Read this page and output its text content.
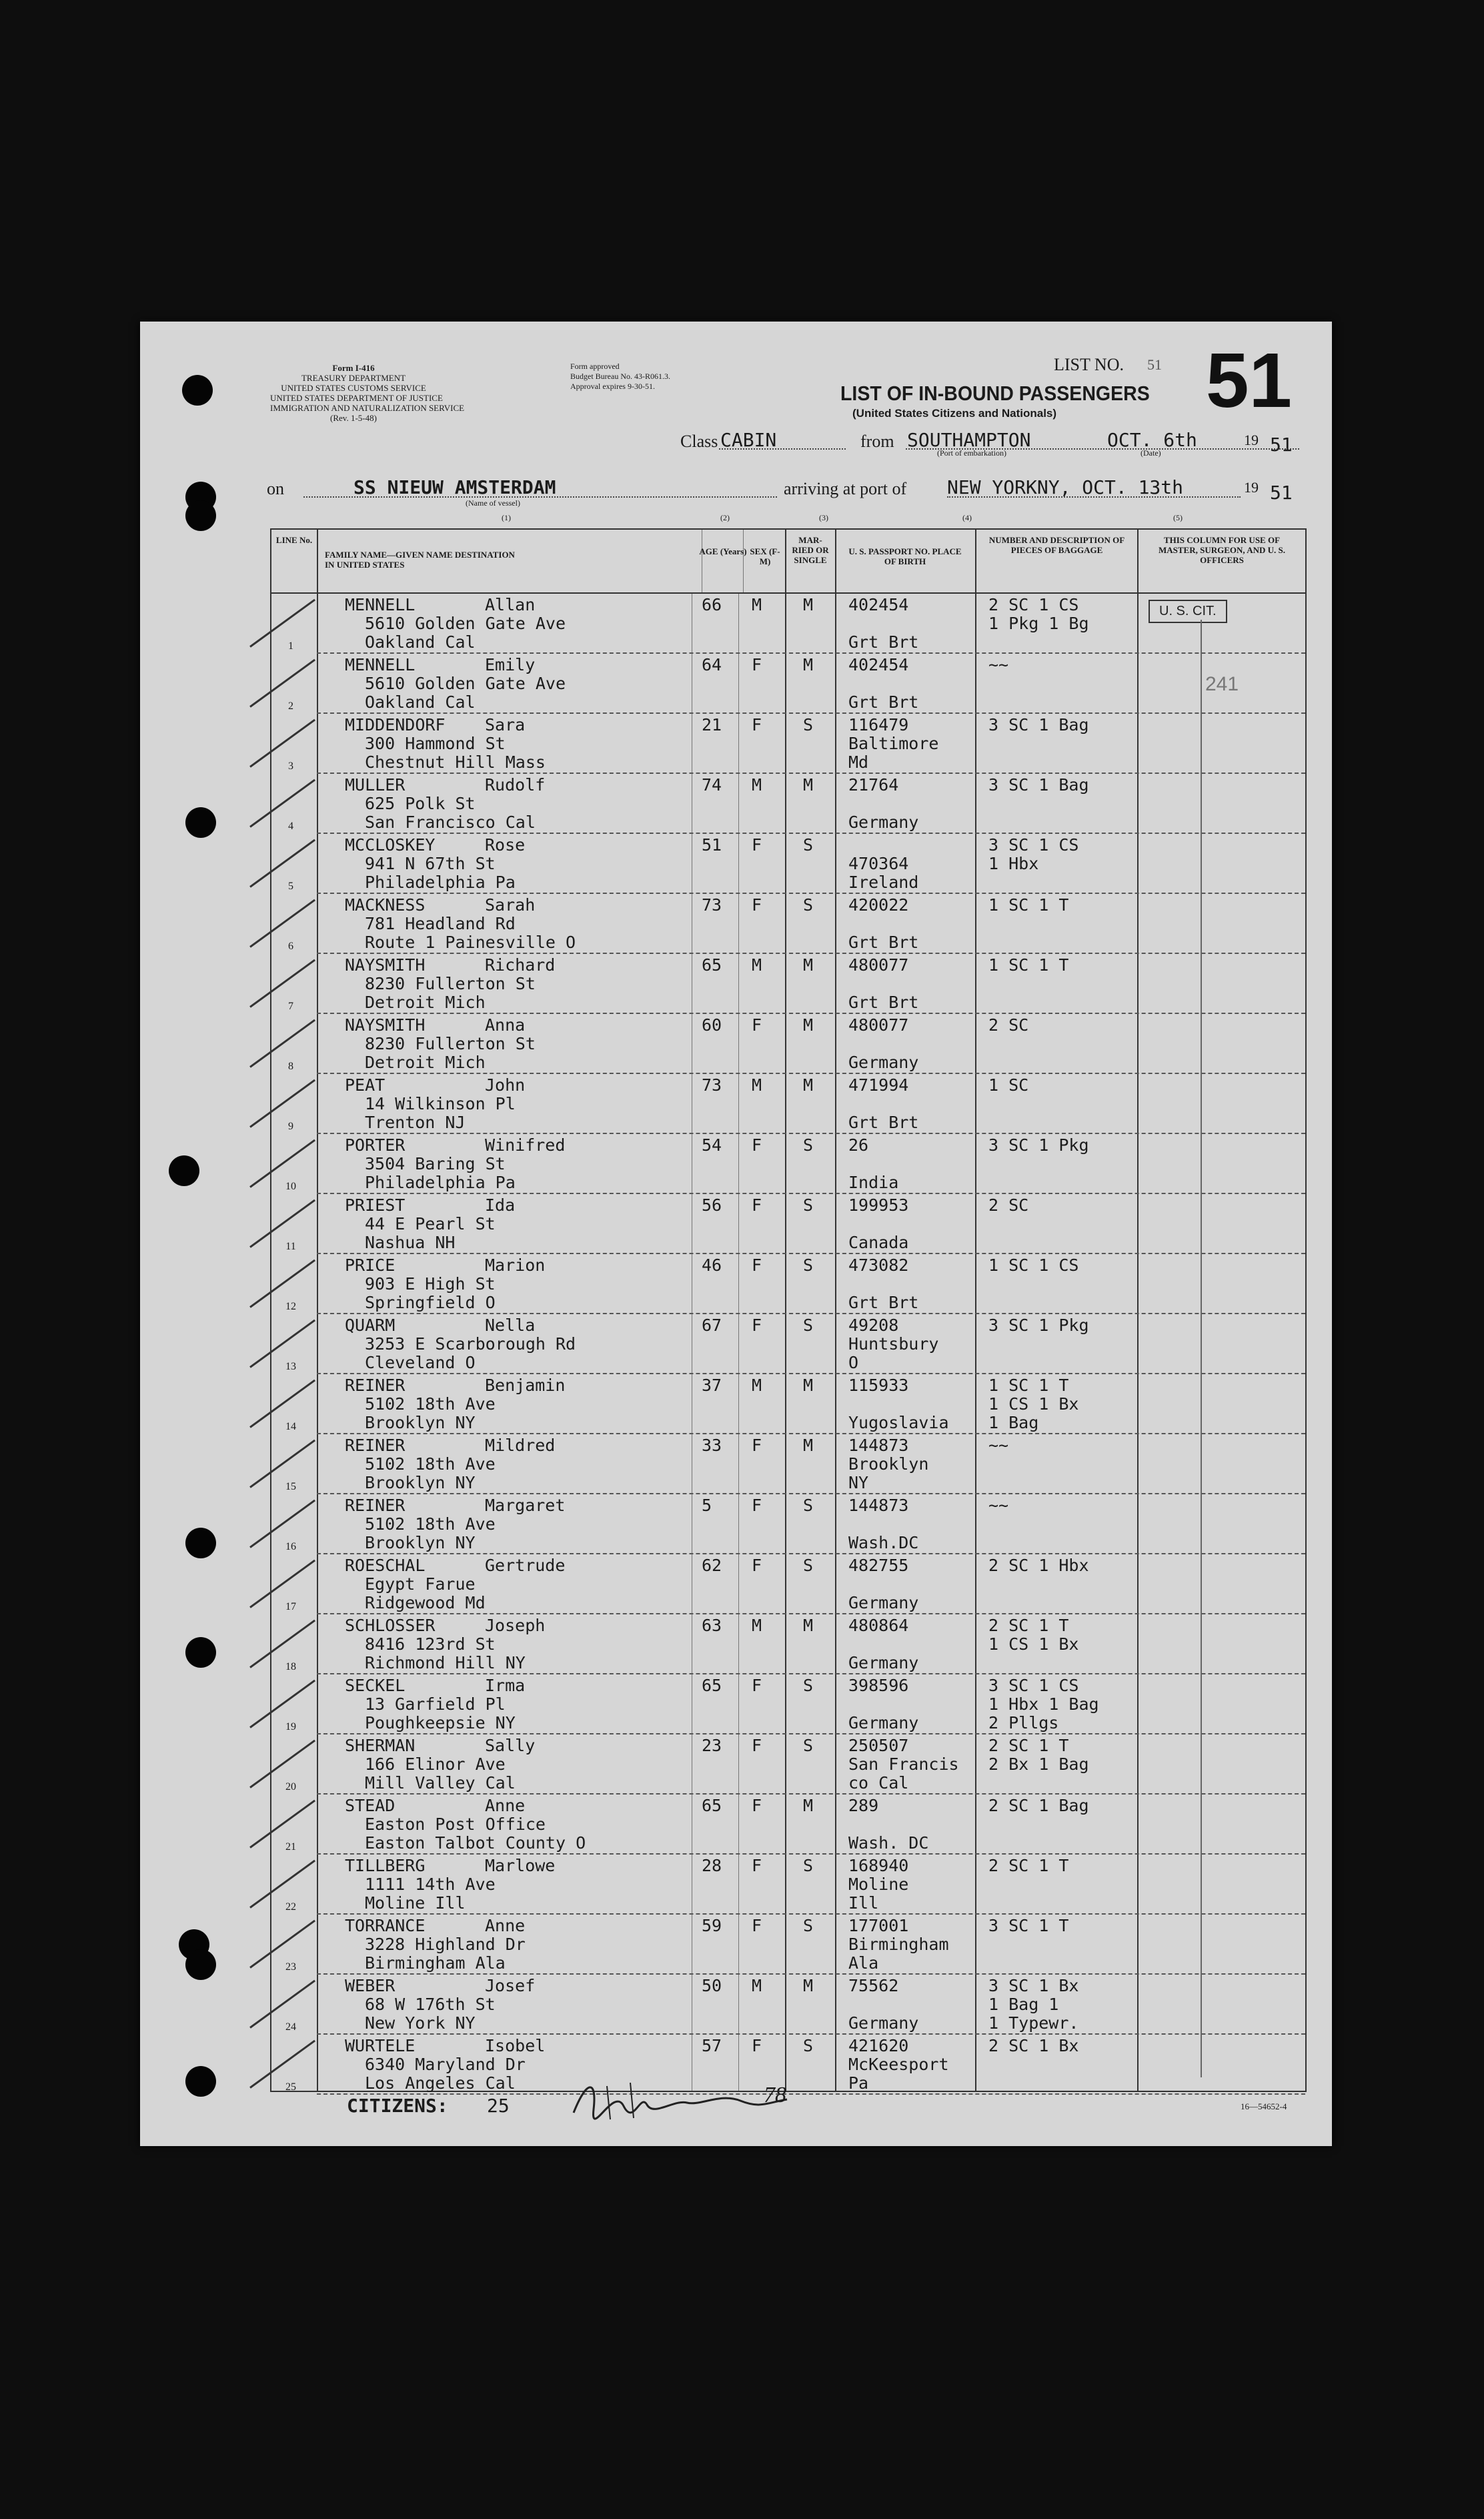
Form I-416
TREASURY DEPARTMENT
UNITED STATES CUSTOMS SERVICE
UNITED STATES DEPARTMENT OF JUSTICE
IMMIGRATION AND NATURALIZATION SERVICE
(Rev. 1-5-48)
Form approved
Budget Bureau No. 43-R061.3.
Approval expires 9-30-51.
LIST NO. 51 51
LIST OF IN-BOUND PASSENGERS
(United States Citizens and Nationals)
Class CABIN	from SOUTHAMPTON
(Port of embarkation)
OCT. 6th
(Date)
19 51
on	SS NIEUW AMSTERDAM
(Name of vessel)
arriving at port of NEW YORKNY, OCT. 13th	19 51
(1)	(2)	(3)	(4)	(5)
LINE No.
FAMILY NAME—GIVEN NAME DESTINATION IN UNITED STATES
AGE (Years) SEX (F-M)
MAR-RIED OR SINGLE
U. S. PASSPORT NO. PLACE OF BIRTH
NUMBER AND DESCRIPTION OF PIECES OF BAGGAGE
THIS COLUMN FOR USE OF MASTER, SURGEON, AND U. S. OFFICERS
1
MENNELL	Allan
5610 Golden Gate Ave
Oakland Cal
66 M M 402454
Grt Brt
2 SC 1 CS
1 Pkg 1 Bg
2
MENNELL	Emily
5610 Golden Gate Ave
Oakland Cal
64 F M 402454
Grt Brt
~~
3
MIDDENDORF Sara
300 Hammond St
Chestnut Hill Mass
21 F S 116479
Baltimore
Md
3 SC 1 Bag
4
MULLER	Rudolf
625 Polk St
San Francisco Cal
74 M M 21764
Germany
3 SC 1 Bag
5
MCCLOSKEY	Rose
941 N 67th St
Philadelphia Pa
51 F S
470364
Ireland
3 SC 1 CS
1 Hbx
6
MACKNESS	Sarah
781 Headland Rd
Route 1 Painesville O
73 F S 420022
Grt Brt
1 SC 1 T
7
NAYSMITH	Richard
8230 Fullerton St
Detroit Mich
65 M M 480077
Grt Brt
1 SC 1 T
8
NAYSMITH	Anna
8230 Fullerton St
Detroit Mich
60 F M 480077
Germany
2 SC
9
PEAT	John
14 Wilkinson Pl
Trenton NJ
73 M M 471994
Grt Brt
1 SC
10
PORTER	Winifred
3504 Baring St
Philadelphia Pa
54 F S 26
India
3 SC 1 Pkg
11
PRIEST	Ida
44 E Pearl St
Nashua NH
56 F S 199953
Canada
2 SC
12
PRICE	Marion
903 E High St
Springfield O
46 F S 473082
Grt Brt
1 SC 1 CS
13
QUARM	Nella
3253 E Scarborough Rd
Cleveland O
67 F S 49208
Huntsbury
O
3 SC 1 Pkg
14
REINER	Benjamin
5102 18th Ave
Brooklyn NY
37 M M 115933
Yugoslavia
1 SC 1 T
1 CS 1 Bx
1 Bag
15
REINER	Mildred
5102 18th Ave
Brooklyn NY
33 F M 144873
Brooklyn
NY
~~
16
REINER	Margaret
5102 18th Ave
Brooklyn NY
5 F S 144873
Wash.DC
~~
17
ROESCHAL	Gertrude
Egypt Farue
Ridgewood Md
62 F S 482755
Germany
2 SC 1 Hbx
18
SCHLOSSER	Joseph
8416 123rd St
Richmond Hill NY
63 M M 480864
Germany
2 SC 1 T
1 CS 1 Bx
19
SECKEL	Irma
13 Garfield Pl
Poughkeepsie NY
65 F S 398596
Germany
3 SC 1 CS
1 Hbx 1 Bag
2 Pllgs
20
SHERMAN	Sally
166 Elinor Ave
Mill Valley Cal
23 F S 250507
San Francis
co Cal
2 SC 1 T
2 Bx 1 Bag
21
STEAD	Anne
Easton Post Office
Easton Talbot County O
65 F M 289
Wash. DC
2 SC 1 Bag
22
TILLBERG	Marlowe
1111 14th Ave
Moline Ill
28 F S 168940
Moline
Ill
2 SC 1 T
23
TORRANCE	Anne
3228 Highland Dr
Birmingham Ala
59 F S 177001
Birmingham
Ala
3 SC 1 T
24
WEBER	Josef
68 W 176th St
New York NY
50 M M 75562
Germany
3 SC 1 Bx
1 Bag 1
1 Typewr.
25
WURTELE	Isobel
6340 Maryland Dr
Los Angeles Cal
57 F S 421620
McKeesport
Pa
2 SC 1 Bx
U. S. CIT.
241
CITIZENS: 25	78	16—54652-4
